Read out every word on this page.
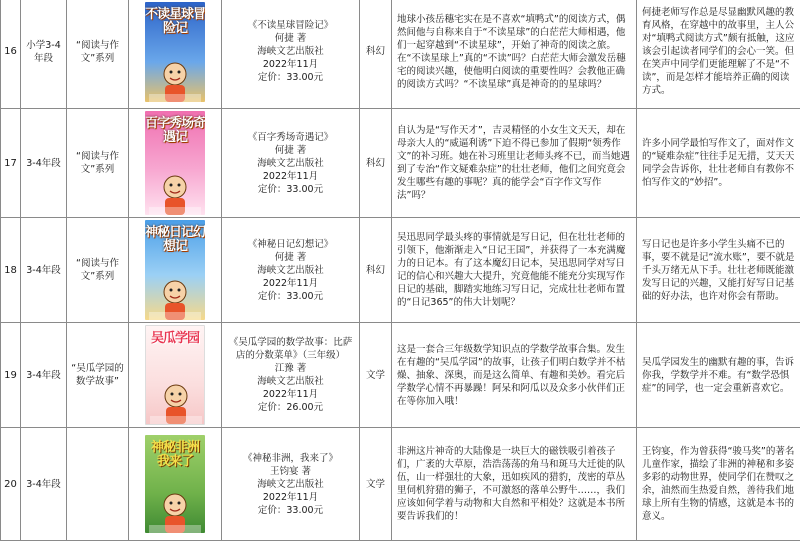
16	小学3-4年段	“阅读与作文”系列	不读星球冒险记	《不读星球冒险记》
何捷 著
海峡文艺出版社
2022年11月
定价：33.00元	科幻	地球小孩岳穗宅实在是不喜欢“填鸭式”的阅读方式，偶然间他与自称来自于“不读星球”的白茫茫大师相遇，他们一起穿越到“不读星球”，开始了神奇的阅读之旅。在“不读星球上”真的“不读”吗？白茫茫大师会激发岳穗宅的阅读兴趣，使他明白阅读的重要性吗？会教他正确的阅读方式吗？“不读星球”真是神奇的的星球吗？	何捷老师写作总是尽显幽默风趣的教育风格，在穿越中的故事里，主人公对“填鸭式阅读方式”颇有抵触，这应该会引起读者同学们的会心一笑。但在笑声中同学们更能理解了不是“不读”，而是怎样才能培养正确的阅读方式。
17	3-4年段	“阅读与作文”系列	百字秀场奇遇记	《百字秀场奇遇记》
何捷 著
海峡文艺出版社
2022年11月
定价：33.00元	科幻	自认为是“写作天才”，吉灵精怪的小女生文天天，却在母亲大人的“威逼利诱”下迫不得已参加了假期“领秀作文”的补习班。她在补习班里让老师头疼不已，而当她遇到了专治“作文疑难杂症”的壮壮老师，他们之间究竟会发生哪些有趣的事呢？真的能学会“百字作文写作法”吗？	许多小同学最怕写作文了，面对作文的“疑难杂症”往往手足无措，艾天天同学会告诉你，壮壮老师自有教你不怕写作文的“妙招”。
18	3-4年段	“阅读与作文”系列	神秘日记幻想记	《神秘日记幻想记》
何捷 著
海峡文艺出版社
2022年11月
定价：33.00元	科幻	吴迅思同学最头疼的事情就是写日记，但在壮壮老师的引领下，他渐渐走入“日记王国”，并获得了一本充满魔力的日记本。有了这本魔幻日记本，吴迅思同学对写日记的信心和兴趣大大提升，究竟他能不能充分实现写作日记的基础，脚踏实地练习写日记，完成壮壮老师布置的“日记365”的伟大计划呢？	写日记也是许多小学生头痛不已的事，要不就是记“流水账”，要不就是千头万绪无从下手。壮壮老师既能激发写日记的兴趣，又能打好写日记基础的好办法，也许对你会有帮助。
19	3-4年段	“吴瓜学园的数学故事”	吴瓜学园	《吴瓜学园的数学故事：比萨店的分数菜单》（三年级）
江豫 著
海峡文艺出版社
2022年11月
定价：26.00元	文学	这是一套合三年级数学知识点的学数学故事合集。发生在有趣的“吴瓜学园”的故事，让孩子们明白数学并不枯燥、抽象、深奥，而是这么简单、有趣和美妙。看完后学数学心情不再暴躁！阿呆和阿瓜以及众多小伙伴们正在等你加入哦！	吴瓜学园发生的幽默有趣的事，告诉你我，学数学并不难。有“数学恐惧症”的同学，也一定会重新喜欢它。
20	3-4年段		神秘非洲 我来了	《神秘非洲，我来了》
王钧宴 著
海峡文艺出版社
2022年11月
定价：33.00元	文学	非洲这片神奇的大陆像是一块巨大的磁铁吸引着孩子们，广袤的大草原，浩浩荡荡的角马和斑马大迁徙的队伍，山一样强壮的大象，迅如疾风的猎豹，茂密的草丛里伺机狩猎的狮子，不可激怒的落单公野牛……，我们应该如何学着与动物和大自然和平相处？这就是本书所要告诉我们的！	王钧宴，作为曾获得“骏马奖”的著名儿童作家，描绘了非洲的神秘和多姿多彩的动物世界，使同学们在赞叹之余，油然而生热爱自然，善待我们地球上所有生物的情感，这就是本书的意义。
